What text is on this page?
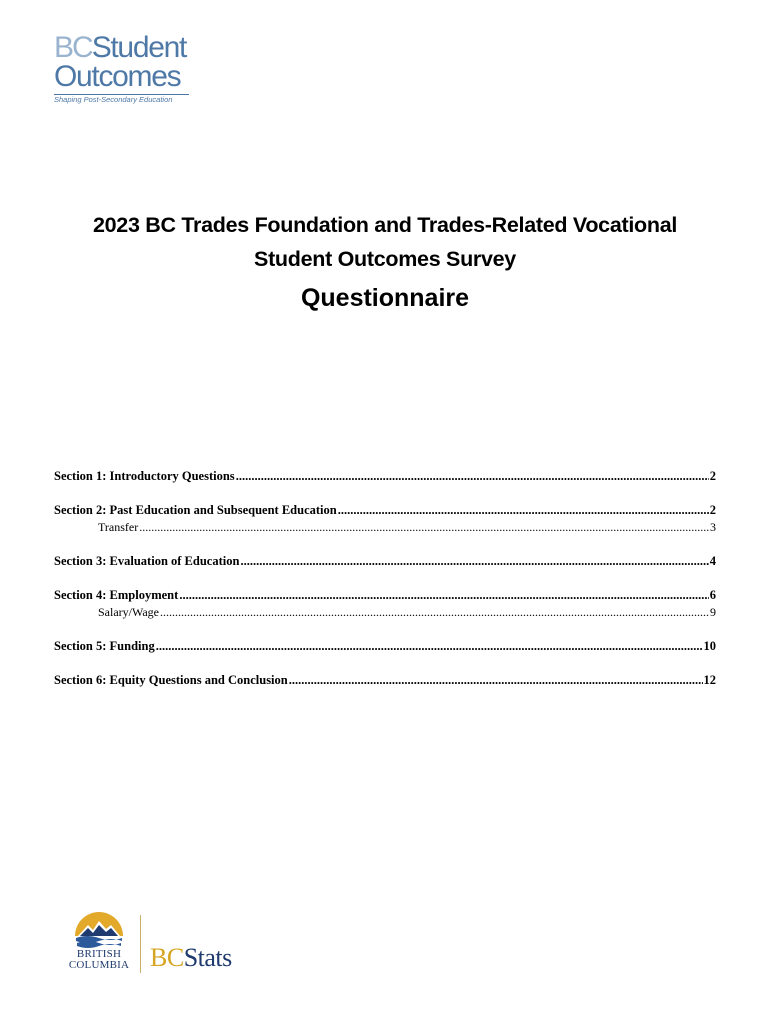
BCStudent
Outcomes
Shaping Post-Secondary Education
2023 BC Trades Foundation and Trades-Related Vocational
Student Outcomes Survey
Questionnaire
Section 1: Introductory Questions .....	2
Section 2: Past Education and Subsequent Education .....	2
Transfer .....	3
Section 3: Evaluation of Education .....	4
Section 4: Employment .....	6
Salary/Wage .....	9
Section 5: Funding .....	10
Section 6: Equity Questions and Conclusion .....	12
BRITISH
COLUMBIA BCStats
